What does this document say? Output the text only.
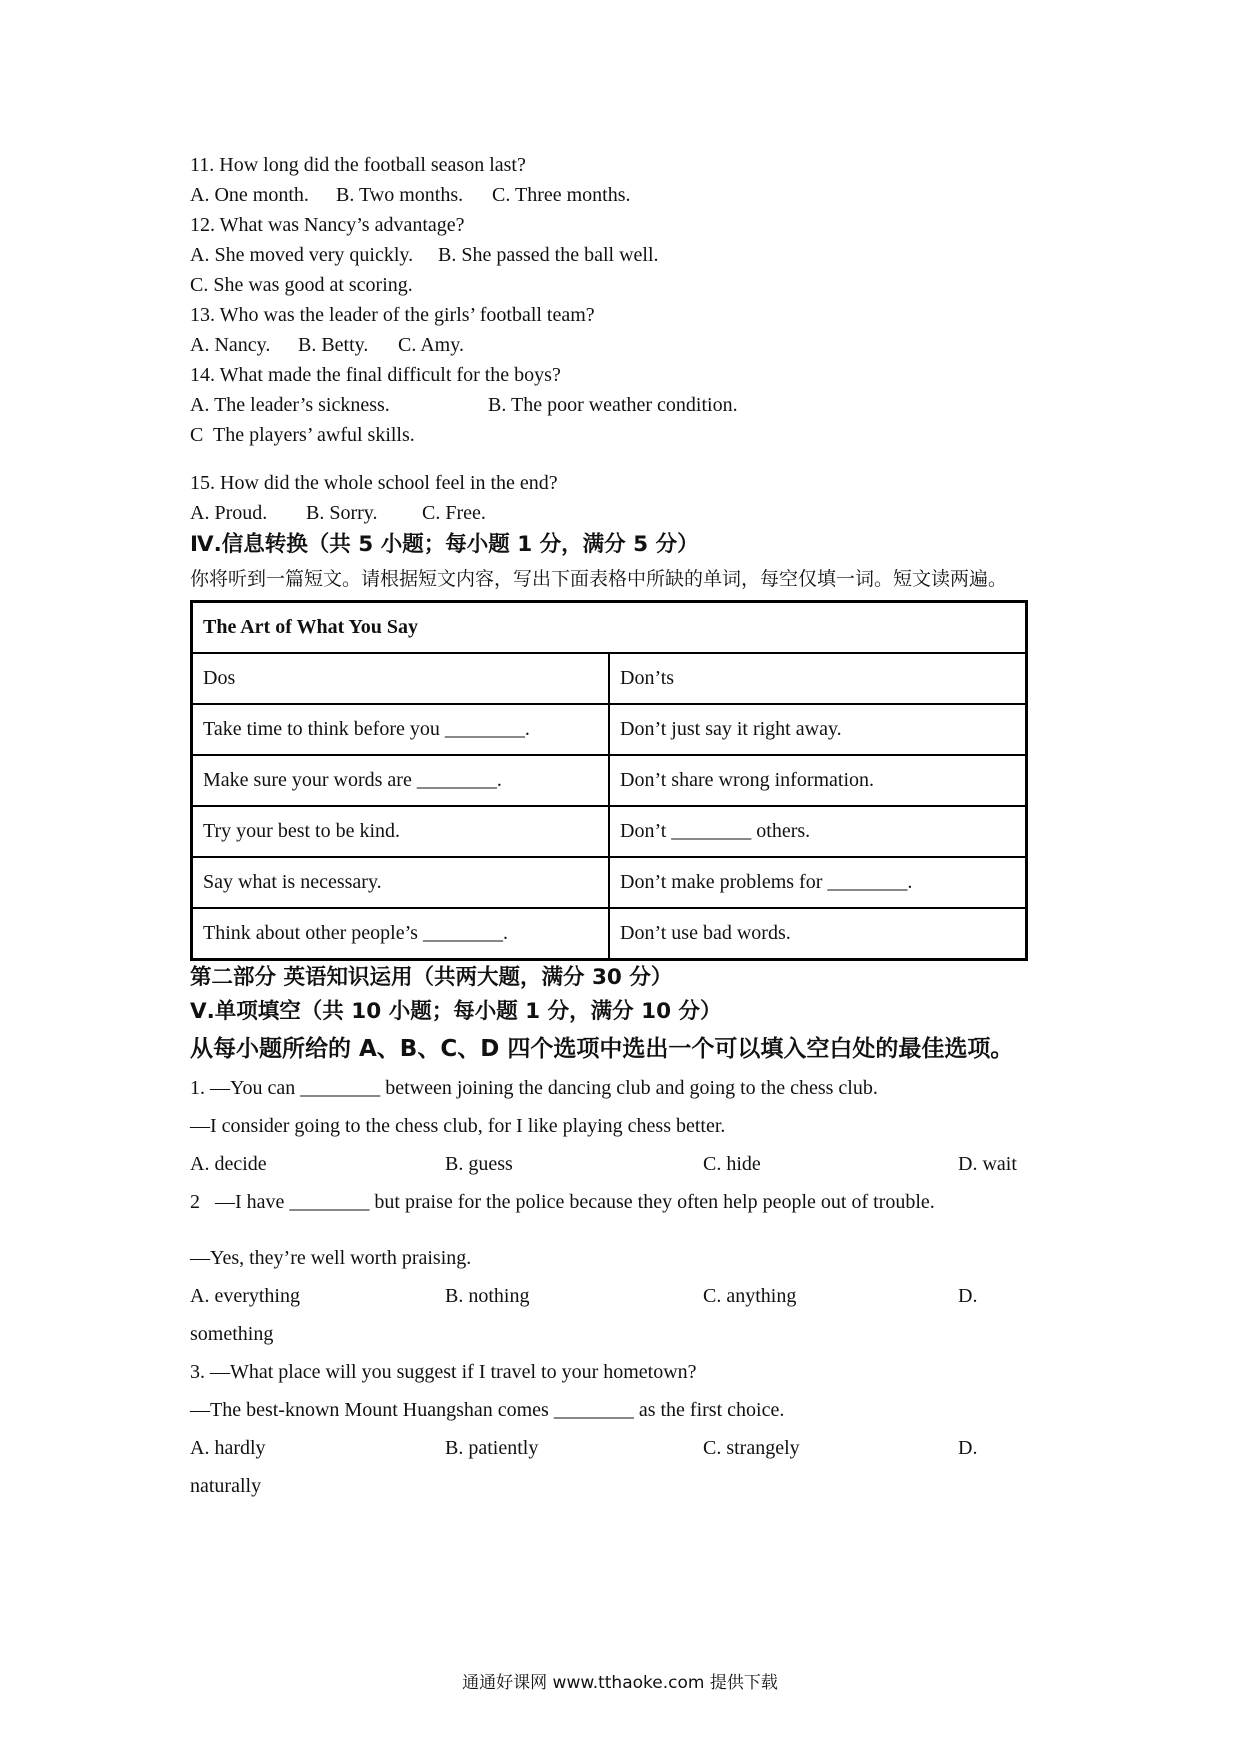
11. How long did the football season last?
A. One month.	B. Two months.	C. Three months.
12. What was Nancy’s advantage?
A. She moved very quickly.	B. She passed the ball well.
C. She was good at scoring.
13. Who was the leader of the girls’ football team?
A. Nancy.	B. Betty.	C. Amy.
14. What made the final difficult for the boys?
A. The leader’s sickness.	B. The poor weather condition.
C  The players’ awful skills.
15. How did the whole school feel in the end?
A. Proud.	B. Sorry.	C. Free.
Ⅳ.信息转换（共 5 小题；每小题 1 分，满分 5 分）
你将听到一篇短文。请根据短文内容，写出下面表格中所缺的单词，每空仅填一词。短文读两遍。
The Art of What You Say	
Dos	Don’ts
Take time to think before you ________.	Don’t just say it right away.
Make sure your words are ________.	Don’t share wrong information.
Try your best to be kind.	Don’t ________ others.
Say what is necessary.	Don’t make problems for ________.
Think about other people’s ________.	Don’t use bad words.
第二部分 英语知识运用（共两大题，满分 30 分）
Ⅴ.单项填空（共 10 小题；每小题 1 分，满分 10 分）
从每小题所给的 A、B、C、D 四个选项中选出一个可以填入空白处的最佳选项。
1. —You can ________ between joining the dancing club and going to the chess club.
—I consider going to the chess club, for I like playing chess better.
A. decide	B. guess	C. hide	D. wait
2   —I have ________ but praise for the police because they often help people out of trouble.
—Yes, they’re well worth praising.
A. everything	B. nothing	C. anything	D.
something
3. —What place will you suggest if I travel to your hometown?
—The best-known Mount Huangshan comes ________ as the first choice.
A. hardly	B. patiently	C. strangely	D.
naturally
通通好课网 www.tthaoke.com 提供下载
